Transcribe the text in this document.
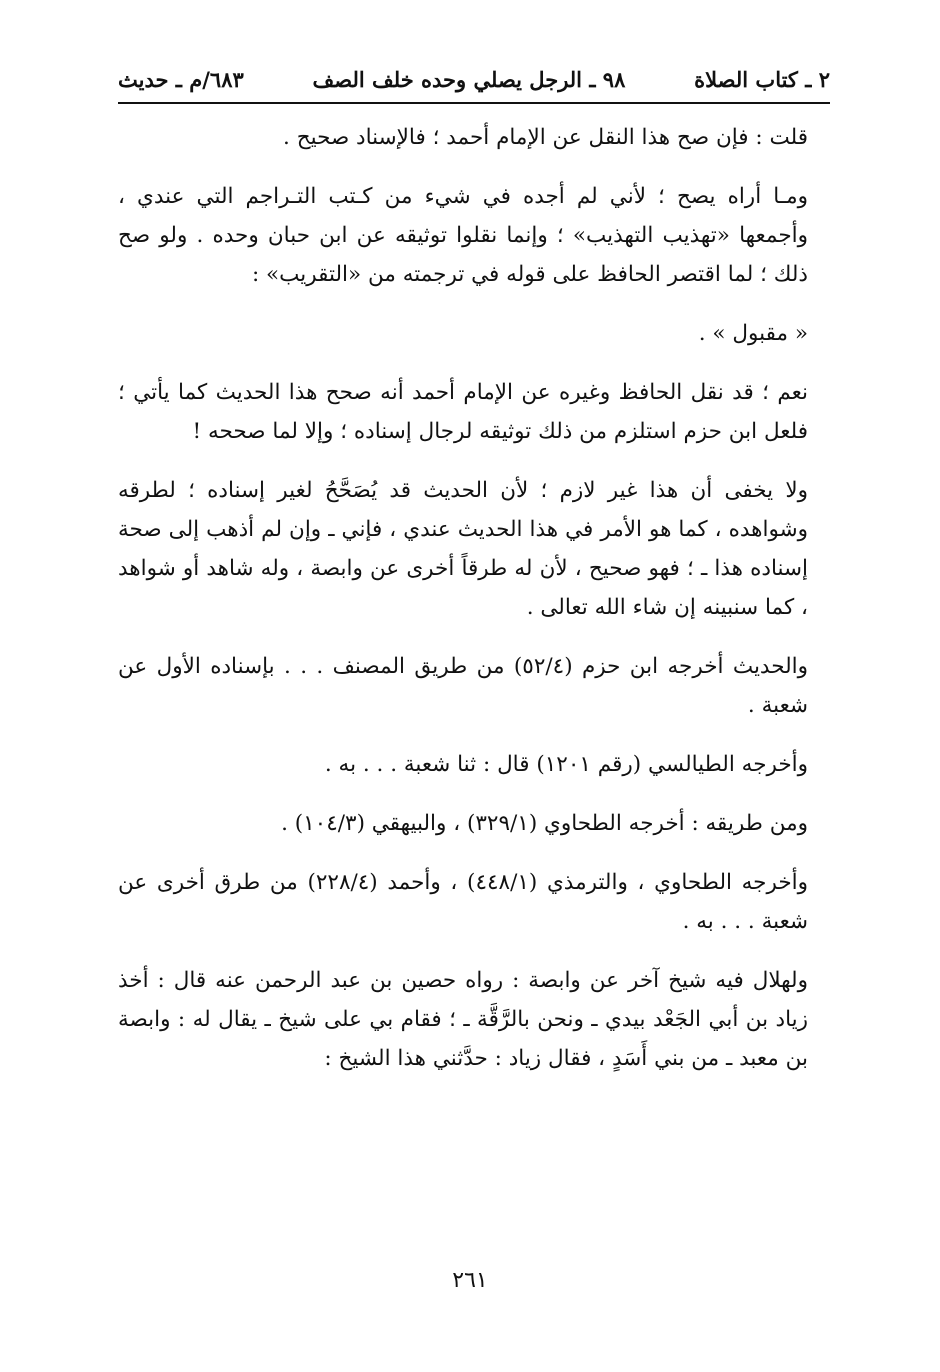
٢ ـ كتاب الصلاة
٩٨ ـ الرجل يصلي وحده خلف الصف
٦٨٣/م ـ حديث

قلت : فإن صح هذا النقل عن الإمام أحمد ؛ فالإسناد صحيح .

ومـا أراه يصح ؛ لأني لم أجده في شيء من كـتب التـراجم التي عندي ، وأجمعها «تهذيب التهذيب» ؛ وإنما نقلوا توثيقه عن ابن حبان وحده . ولو صح ذلك ؛ لما اقتصر الحافظ على قوله في ترجمته من «التقريب» :

« مقبول » .

نعم ؛ قد نقل الحافظ وغيره عن الإمام أحمد أنه صحح هذا الحديث كما يأتي ؛ فلعل ابن حزم استلزم من ذلك توثيقه لرجال إسناده ؛ وإلا لما صححه !

ولا يخفى أن هذا غير لازم ؛ لأن الحديث قد يُصَحَّحُ لغير إسناده ؛ لطرقه وشواهده ، كما هو الأمر في هذا الحديث عندي ، فإني ـ وإن لم أذهب إلى صحة إسناده هذا ـ ؛ فهو صحيح ، لأن له طرقاً أخرى عن وابصة ، وله شاهد أو شواهد ، كما سنبينه إن شاء الله تعالى .

والحديث أخرجه ابن حزم (٥٢/٤) من طريق المصنف . . . بإسناده الأول عن شعبة .

وأخرجه الطيالسي (رقم ١٢٠١) قال : ثنا شعبة . . . به .

ومن طريقه : أخرجه الطحاوي (٣٢٩/١) ، والبيهقي (١٠٤/٣) .

وأخرجه الطحاوي ، والترمذي (٤٤٨/١) ، وأحمد (٢٢٨/٤) من طرق أخرى عن شعبة . . . به .

ولهلال فيه شيخ آخر عن وابصة : رواه حصين بن عبد الرحمن عنه قال : أخذ زياد بن أبي الجَعْد بيدي ـ ونحن بالرَّقَّة ـ ؛ فقام بي على شيخ ـ يقال له : وابصة بن معبد ـ من بني أَسَدٍ ، فقال زياد : حدَّثني هذا الشيخ :

٢٦١
